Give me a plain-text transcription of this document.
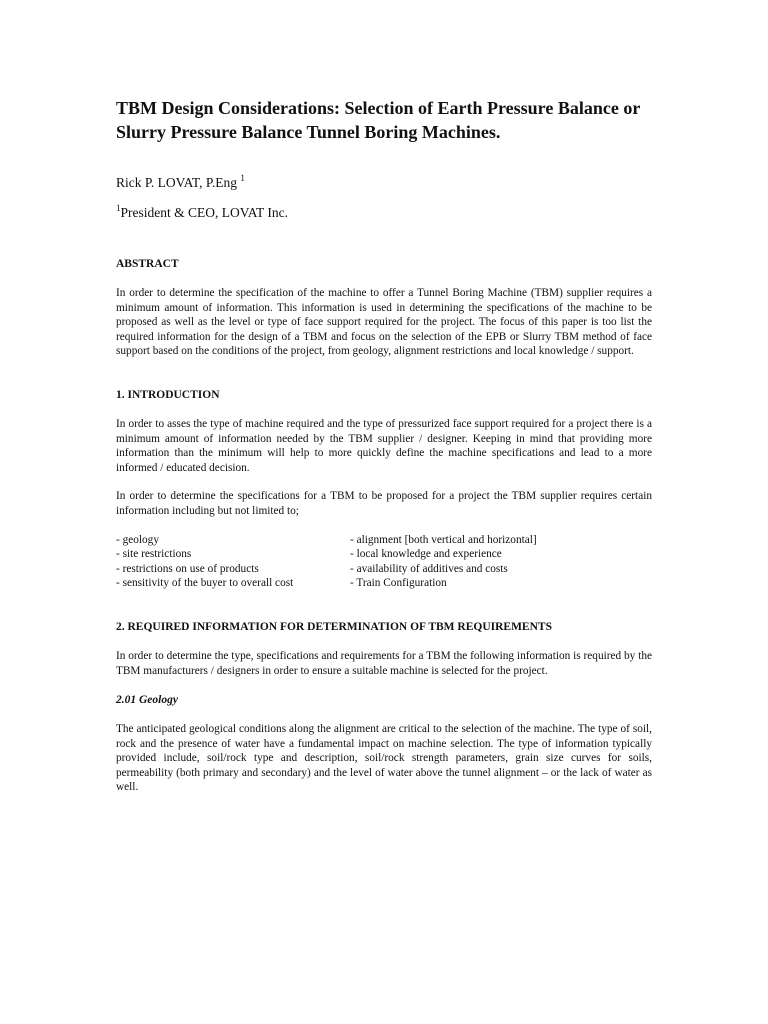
TBM Design Considerations: Selection of Earth Pressure Balance or Slurry Pressure Balance Tunnel Boring Machines.
Rick P. LOVAT, P.Eng $^1$
$^1$President & CEO, LOVAT Inc.
ABSTRACT

In order to determine the specification of the machine to offer a Tunnel Boring Machine (TBM) supplier requires a minimum amount of information. This information is used in determining the specifications of the machine to be proposed as well as the level or type of face support required for the project. The focus of this paper is too list the required information for the design of a TBM and focus on the selection of the EPB or Slurry TBM method of face support based on the conditions of the project, from geology, alignment restrictions and local knowledge / support.

1. INTRODUCTION

In order to asses the type of machine required and the type of pressurized face support required for a project there is a minimum amount of information needed by the TBM supplier / designer. Keeping in mind that providing more information than the minimum will help to more quickly define the machine specifications and lead to a more informed / educated decision.

In order to determine the specifications for a TBM to be proposed for a project the TBM supplier requires certain information including but not limited to;

- geology	- alignment [both vertical and horizontal]
- site restrictions	- local knowledge and experience
- restrictions on use of products	- availability of additives and costs
- sensitivity of the buyer to overall cost	- Train Configuration
2. REQUIRED INFORMATION FOR DETERMINATION OF TBM REQUIREMENTS

In order to determine the type, specifications and requirements for a TBM the following information is required by the TBM manufacturers / designers in order to ensure a suitable machine is selected for the project.

2.01 Geology

The anticipated geological conditions along the alignment are critical to the selection of the machine. The type of soil, rock and the presence of water have a fundamental impact on machine selection. The type of information typically provided include, soil/rock type and description, soil/rock strength parameters, grain size curves for soils, permeability (both primary and secondary) and the level of water above the tunnel alignment – or the lack of water as well.
